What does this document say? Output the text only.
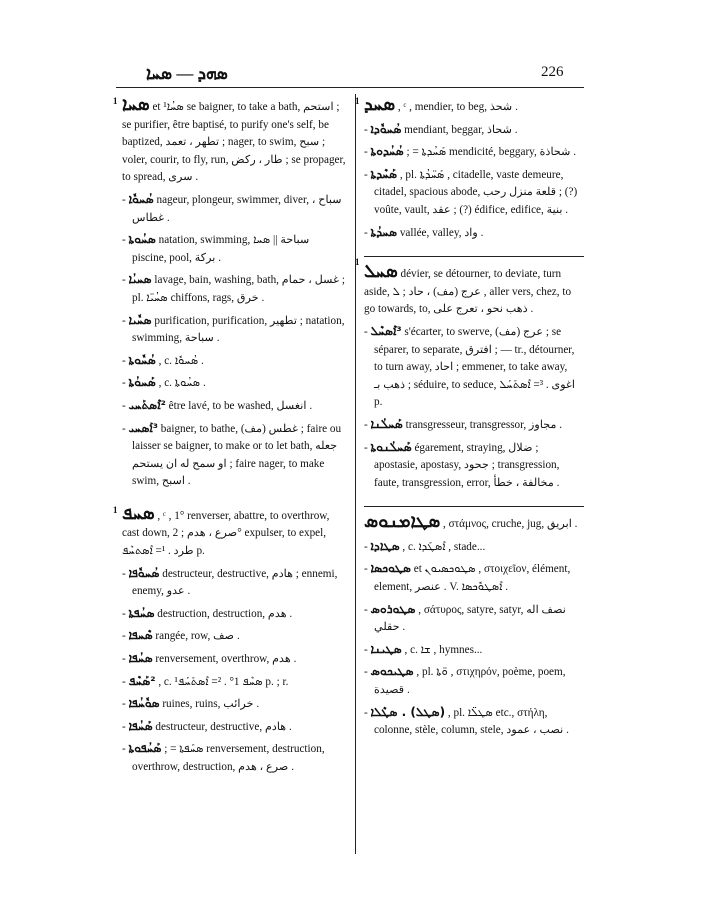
ܣܗܕ — ܣܚܐ	226
1 ܣܚܐ et ¹ܣܚܳܐ se baigner, to take a bath, استحم ; se purifier, être baptisé, to purify one's self, be baptized, تطهر ، تعمد ; nager, to swim, سبح ; voler, courir, to fly, run, طار ، ركض ; se propager, to spread, سرى .
- ܣܳܚܘܽܐ nageur, plongeur, swimmer, diver, سباح ، غطاس .
- ܣܚܳܘܬܐ natation, swimming, سباحة || ܣܚܐ piscine, pool, بركة .
- ܣܚܝܳܐ lavage, bain, washing, bath, غسل ، حمام ; pl. ܣܚܳܝ̈ܐ chiffons, rags, خرق .
- ܣܚܽܝܐ purification, purification, تطهير ; natation, swimming, سباحة .
- ܣܳܚܽܘܬܐ , c. ܣܳܚܘܽܐ .
- ܣܰܚܘܳܬܐ , c. ܣܚܳܘܬܐ .
- ²ܐܶܣܬܰܚܝ être lavé, to be washed, انغسل .
- ³ܐܰܣܚܝ baigner, to bathe, غطس (مف) ; faire ou laisser se baigner, to make or to let bath, جعله او سمح له ان يستحم ; faire nager, to make swim, اسبح .
1 ܣܚܦ , ᶜ , 1° renverser, abattre, to overthrow, cast down, صرع ، هدم ; 2° expulser, to expel, طرد . ¹= ܐܶܣܬܚܶܦ p.
- ܣܳܚܘܽܦܐ destructeur, destructive, هادم ; ennemi, enemy, عدو .
- ܣܚܳܦܬܐ destruction, destruction, هدم .
- ܣܶܚܦܐ rangée, row, صف .
- ܣܚܳܦܐ renversement, overthrow, هدم .
- ²ܣܰܚܶܦ , c. ¹ܣܚܶܦ 1° . ²= ܐܶܣܬܰܚܰܦ p. ; r.
- ܣܘܽܚܳܦܐ ruines, ruins, خرائب .
- ܣܰܚܳܦܐ destructeur, destructive, هادم .
- ܣܰܚܳܦܘܬܐ ; = ܣܚܰܦܬܐ renversement, destruction, overthrow, destruction, صرع ، هدم .
1 ܣܚܕ , ᶜ , mendier, to beg, شحذ .
- ܣܳܚܘܽܕܐ mendiant, beggar, شحاذ .
- ܣܳܚܳܕܘܬܐ ; = ܣܰܚܳܕܬܐ mendicité, beggary, شحاذة .
- ܣܰܚܶܕܬܐ , pl. ܣܰܚ̈ܕܳܬܐ , citadelle, vaste demeure, citadel, spacious abode, قلعة منزل رحب ; (?) voûte, vault, عقد ; (?) édifice, edifice, بنية .
- ܣܚܕܳܬܐ vallée, valley, واد .
1 ܣܚܠ dévier, se détourner, to deviate, turn aside, عرج (مف) ، حاد ; ܠ , aller vers, chez, to go towards, to, ذهب نحو ، تعرج على .
- ³ܐܶܣܚܶܠ s'écarter, to swerve, عرج (مف) ; se séparer, to separate, افترق ; — tr., détourner, to turn away, احاد ; emmener, to take away, ذهب بـ ; séduire, to seduce, اغوى . ³= ܐܶܣܬܰܚܰܠ p.
- ܣܰܚܠܳܢܐ transgresseur, transgressor, مجاوز .
- ܣܰܚܠܳܢܘܬܐ égarement, straying, ضلال ; apostasie, apostasy, جحود ; transgression, faute, transgression, error, مخالفة ، خطأ .
ܣܛܐܡܢܘܣ , στάμνος, cruche, jug, ابريق .
- ܣܛܐܕܐ , c. ܐܶܣܛܰܕܐ , stade...
- ܣܛܘܟܣܐ et ܣܛܘܟܣܝܘܢ , στοιχεῖον, élément, element, عنصر . V. ܐܶܣܛܘܽܟܣܐ .
- ܣܛܘܪܘܣ , σάτυρος, satyre, satyr, نصف اله حقلي .
- ܣܛܝܢܐ , c. ܫܐ , hymnes...
- ܣܛܝܟܘܣ , pl. ܘ̈ܬܐ , στιχηρόν, poème, poem, قصيدة .
- (ܣܛܠ) . ܣܛܶܠܐ , pl. ܣܛܠ̈ܐ etc., στήλη, colonne, stèle, column, stele, نصب ، عمود .
